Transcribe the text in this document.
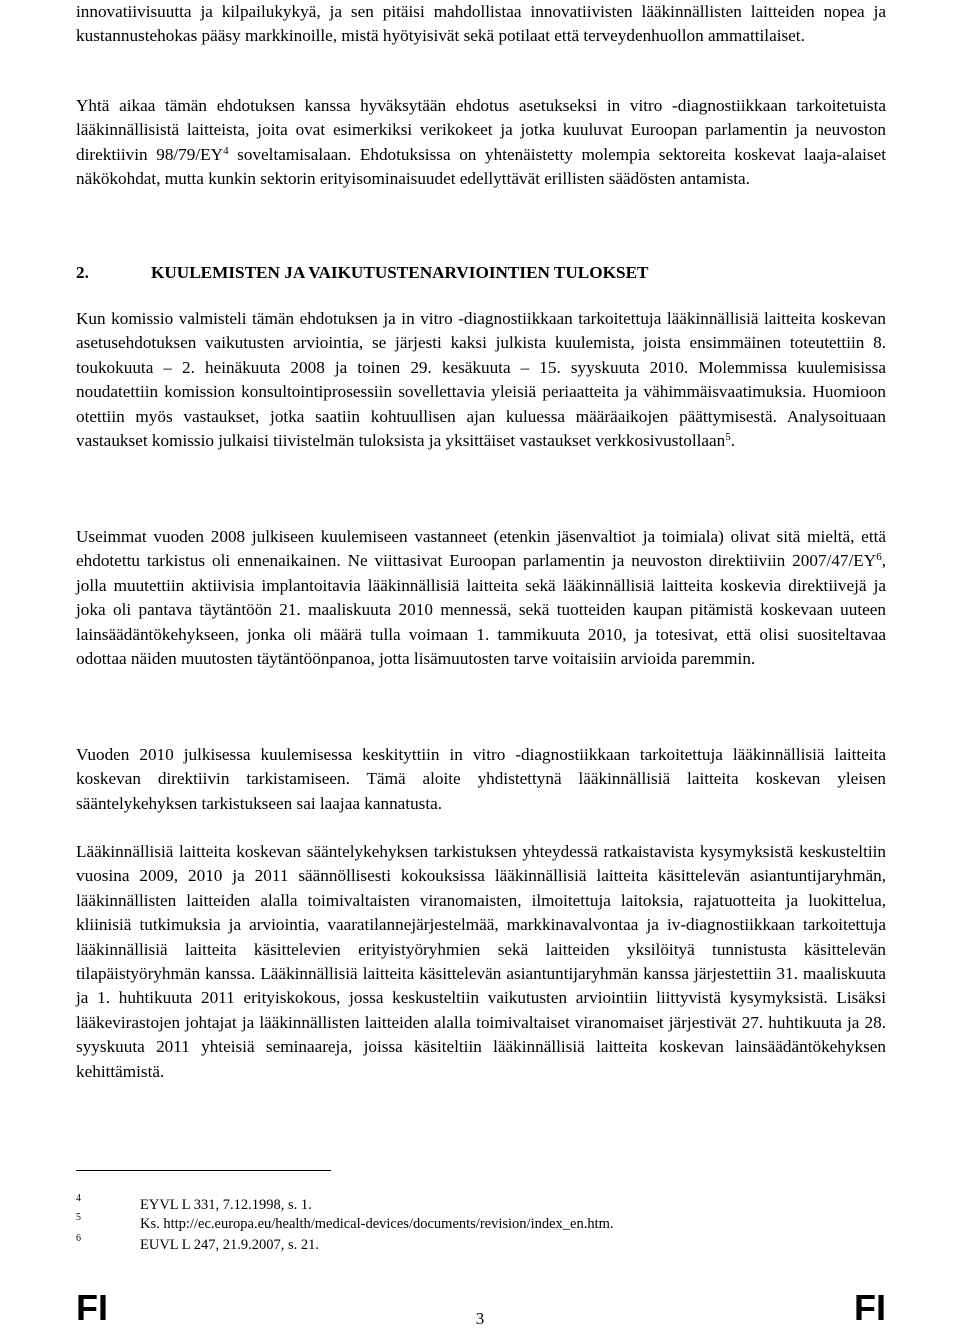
innovatiivisuutta ja kilpailukykyä, ja sen pitäisi mahdollistaa innovatiivisten lääkinnällisten laitteiden nopea ja kustannustehokas pääsy markkinoille, mistä hyötyisivät sekä potilaat että terveydenhuollon ammattilaiset.

Yhtä aikaa tämän ehdotuksen kanssa hyväksytään ehdotus asetukseksi in vitro -diagnostiikkaan tarkoitetuista lääkinnällisistä laitteista, joita ovat esimerkiksi verikokeet ja jotka kuuluvat Euroopan parlamentin ja neuvoston direktiivin $98/79/EY^4$ soveltamisalaan. Ehdotuksissa on yhtenäistetty molempia sektoreita koskevat laaja-alaiset näkökohdat, mutta kunkin sektorin erityisominaisuudet edellyttävät erillisten säädösten antamista.

2.	KUULEMISTEN JA VAIKUTUSTENARVIOINTIEN TULOKSET

Kun komissio valmisteli tämän ehdotuksen ja in vitro -diagnostiikkaan tarkoitettuja lääkinnällisiä laitteita koskevan asetusehdotuksen vaikutusten arviointia, se järjesti kaksi julkista kuulemista, joista ensimmäinen toteutettiin 8. toukokuuta – 2. heinäkuuta 2008 ja toinen 29. kesäkuuta – 15. syyskuuta 2010. Molemmissa kuulemisissa noudatettiin komission konsultointiprosessiin sovellettavia yleisiä periaatteita ja vähimmäisvaatimuksia. Huomioon otettiin myös vastaukset, jotka saatiin kohtuullisen ajan kuluessa määräaikojen päättymisestä. Analysoituaan vastaukset komissio julkaisi tiivistelmän tuloksista ja yksittäiset vastaukset verkkosivustollaan$^5$.

Useimmat vuoden 2008 julkiseen kuulemiseen vastanneet (etenkin jäsenvaltiot ja toimiala) olivat sitä mieltä, että ehdotettu tarkistus oli ennenaikainen. Ne viittasivat Euroopan parlamentin ja neuvoston direktiiviin $2007/47/EY^6$, jolla muutettiin aktiivisia implantoitavia lääkinnällisiä laitteita sekä lääkinnällisiä laitteita koskevia direktiivejä ja joka oli pantava täytäntöön 21. maaliskuuta 2010 mennessä, sekä tuotteiden kaupan pitämistä koskevaan uuteen lainsäädäntökehykseen, jonka oli määrä tulla voimaan 1. tammikuuta 2010, ja totesivat, että olisi suositeltavaa odottaa näiden muutosten täytäntöönpanoa, jotta lisämuutosten tarve voitaisiin arvioida paremmin.

Vuoden 2010 julkisessa kuulemisessa keskityttiin in vitro -diagnostiikkaan tarkoitettuja lääkinnällisiä laitteita koskevan direktiivin tarkistamiseen. Tämä aloite yhdistettynä lääkinnällisiä laitteita koskevan yleisen sääntelykehyksen tarkistukseen sai laajaa kannatusta.

Lääkinnällisiä laitteita koskevan sääntelykehyksen tarkistuksen yhteydessä ratkaistavista kysymyksistä keskusteltiin vuosina 2009, 2010 ja 2011 säännöllisesti kokouksissa lääkinnällisiä laitteita käsittelevän asiantuntijaryhmän, lääkinnällisten laitteiden alalla toimivaltaisten viranomaisten, ilmoitettuja laitoksia, rajatuotteita ja luokittelua, kliinisiä tutkimuksia ja arviointia, vaaratilannejärjestelmää, markkinavalvontaa ja iv-diagnostiikkaan tarkoitettuja lääkinnällisiä laitteita käsittelevien erityistyöryhmien sekä laitteiden yksilöityä tunnistusta käsittelevän tilapäistyöryhmän kanssa. Lääkinnällisiä laitteita käsittelevän asiantuntijaryhmän kanssa järjestettiin 31. maaliskuuta ja 1. huhtikuuta 2011 erityiskokous, jossa keskusteltiin vaikutusten arviointiin liittyvistä kysymyksistä. Lisäksi lääkevirastojen johtajat ja lääkinnällisten laitteiden alalla toimivaltaiset viranomaiset järjestivät 27. huhtikuuta ja 28. syyskuuta 2011 yhteisiä seminaareja, joissa käsiteltiin lääkinnällisiä laitteita koskevan lainsäädäntökehyksen kehittämistä.

4	EYVL L 331, 7.12.1998, s. 1.
5	Ks. http://ec.europa.eu/health/medical-devices/documents/revision/index_en.htm.
6	EUVL L 247, 21.9.2007, s. 21.
FI	FI
3
